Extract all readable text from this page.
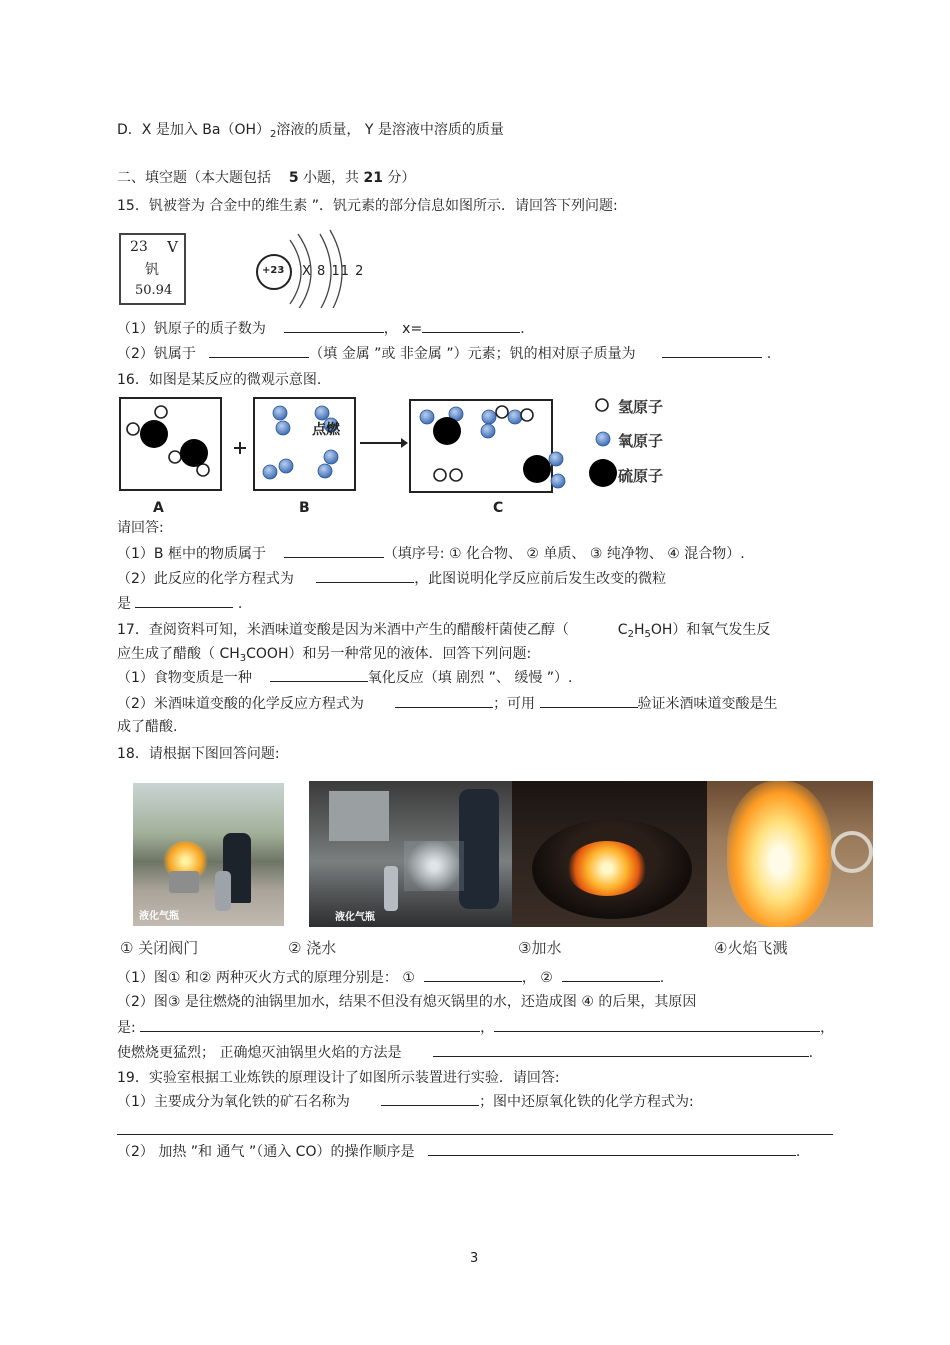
D．X 是加入 $Ba(OH)_2$溶液的质量， Y 是溶液中溶质的质量
二、填空题（本大题包括 5 小题，共 21 分）
15．钒被誉为 合金中的维生素 ”．钒元素的部分信息如图所示．请回答下列问题:
23 V
钒
50.94
+23 X 8 11 2
（1）钒原子的质子数为	， x=	.
（2）钒属于	（填 金属 ”或 非金属 ”）元素；钒的相对原子质量为	.
16．如图是某反应的微观示意图.
点燃
氢原子
氧原子
硫原子
A	B	C
请回答:
（1）B 框中的物质属于	（填序号: ① 化合物、 ② 单质、 ③ 纯净物、 ④ 混合物）.
（2）此反应的化学方程式为	，此图说明化学反应前后发生改变的微粒
是	.
17．查阅资料可知，米酒味道变酸是因为米酒中产生的醋酸杆菌使乙醇（	$C_2H_5OH$）和氧气发生反
应生成了醋酸（ $CH_3COOH$）和另一种常见的液体．回答下列问题:
（1）食物变质是一种	氧化反应（填 剧烈 ”、 缓慢 ”）.
（2）米酒味道变酸的化学反应方程式为	；可用	验证米酒味道变酸是生
成了醋酸.
18．请根据下图回答问题:
液化气瓶	液化气瓶
① 关闭阀门	② 浇水	③加水	④火焰飞溅
（1）图① 和② 两种灭火方式的原理分别是： ①	， ②	.
（2）图③ 是往燃烧的油锅里加水，结果不但没有熄灭锅里的水，还造成图 ④ 的后果，其原因
是:	，	，
使燃烧更猛烈； 正确熄灭油锅里火焰的方法是	.
19．实验室根据工业炼铁的原理设计了如图所示装置进行实验．请回答:
（1）主要成分为氧化铁的矿石名称为	；图中还原氧化铁的化学方程式为:
（2） 加热 ”和 通气 ”（通入 CO）的操作顺序是	.
3
